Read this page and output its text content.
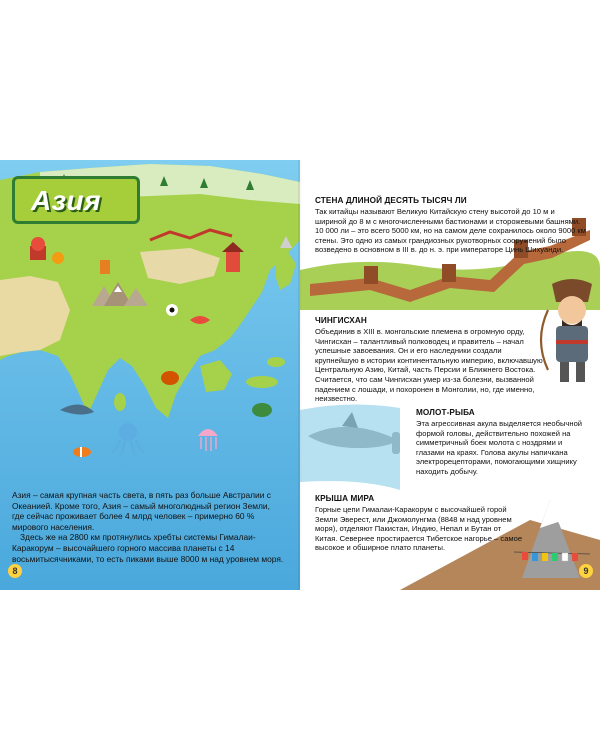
Азия

Азия – самая крупная часть света, в пять раз больше Австралии с Океанией. Кроме того, Азия – самый многолюдный регион Земли, где сейчас проживает более 4 млрд человек – примерно 60 % мирового населения.

Здесь же на 2800 км протянулись хребты системы Гималаи-Каракорум – высочайшего горного массива планеты с 14 восьмитысячниками, то есть пиками выше 8000 м над уровнем моря.

8

СТЕНА ДЛИНОЙ ДЕСЯТЬ ТЫСЯЧ ЛИ

Так китайцы называют Великую Китайскую стену высотой до 10 м и шириной до 8 м с многочисленными бастионами и сторожевыми башнями. 10 000 ли – это всего 5000 км, но на самом деле сохранилось около 9000 км стены. Это одно из самых грандиозных рукотворных сооружений было возведено в основном в III в. до н. э. при императоре Цинь Шихуанди.

ЧИНГИСХАН

Объединив в XIII в. монгольские племена в огромную орду, Чингисхан – талантливый полководец и правитель – начал успешные завоевания. Он и его наследники создали крупнейшую в истории континентальную империю, включавшую Центральную Азию, Китай, часть Персии и Ближнего Востока. Считается, что сам Чингисхан умер из-за болезни, вызванной падением с лошади, и похоронен в Монголии, но, где именно, неизвестно.

МОЛОТ-РЫБА

Эта агрессивная акула выделяется необычной формой головы, действительно похожей на симметричный боек молота с ноздрями и глазами на краях. Голова акулы напичкана электрорецепторами, помогающими хищнику находить добычу.

КРЫША МИРА

Горные цепи Гималаи-Каракорум с высочайшей горой Земли Эверест, или Джомолунгма (8848 м над уровнем моря), отделяют Пакистан, Индию, Непал и Бутан от Китая. Севернее простирается Тибетское нагорье – самое высокое и обширное плато планеты.

9
